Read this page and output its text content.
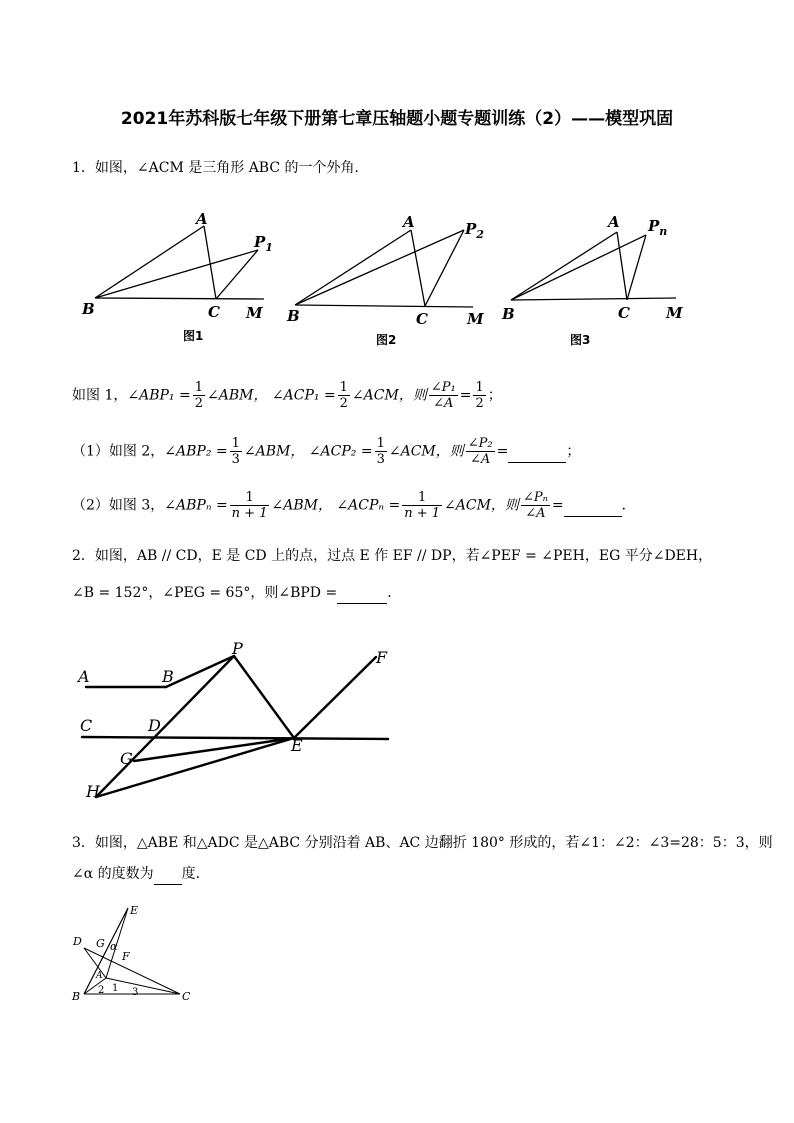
2021年苏科版七年级下册第七章压轴题小题专题训练（2）——模型巩固
1．如图，∠ACM 是三角形 ABC 的一个外角．
A
$P_1$
B	C M
图1
A	$P_2$
B	C	M
图2
A $P_n$
B	C M
图3
如图 1，∠ABP₁ = $\frac{1}{2}$ ∠ABM， ∠ACP₁ = $\frac{1}{2}$ ∠ACM，则 $\frac{\text{∠P₁}}{\angle A} = \frac{1}{2}$ ；
（1）如图 2，∠ABP₂ = $\frac{1}{3}$ ∠ABM， ∠ACP₂ = $\frac{1}{3}$ ∠ACM，则 $\frac{\text{∠P₂}}{\angle A}$ =	；
（2）如图 3，∠ABPₙ = $\frac{1}{n + 1}$ ∠ABM， ∠ACPₙ = $\frac{1}{n + 1}$ ∠ACM，则 $\frac{\text{∠Pₙ}}{\angle A}$ =	．
2．如图，AB // CD，E 是 CD 上的点，过点 E 作 EF // DP，若∠PEF = ∠PEH，EG 平分∠DEH，
∠B = 152°，∠PEG = 65°，则∠BPD =	．
A	B
P	F
C	D
E
G
H
3．如图，△ABE 和△ADC 是△ABC 分别沿着 AB、AC 边翻折 180° 形成的，若∠1：∠2：∠3=28：5：3，则
∠α 的度数为 度．
E
D G α
F
A
B	C
2 1 3
